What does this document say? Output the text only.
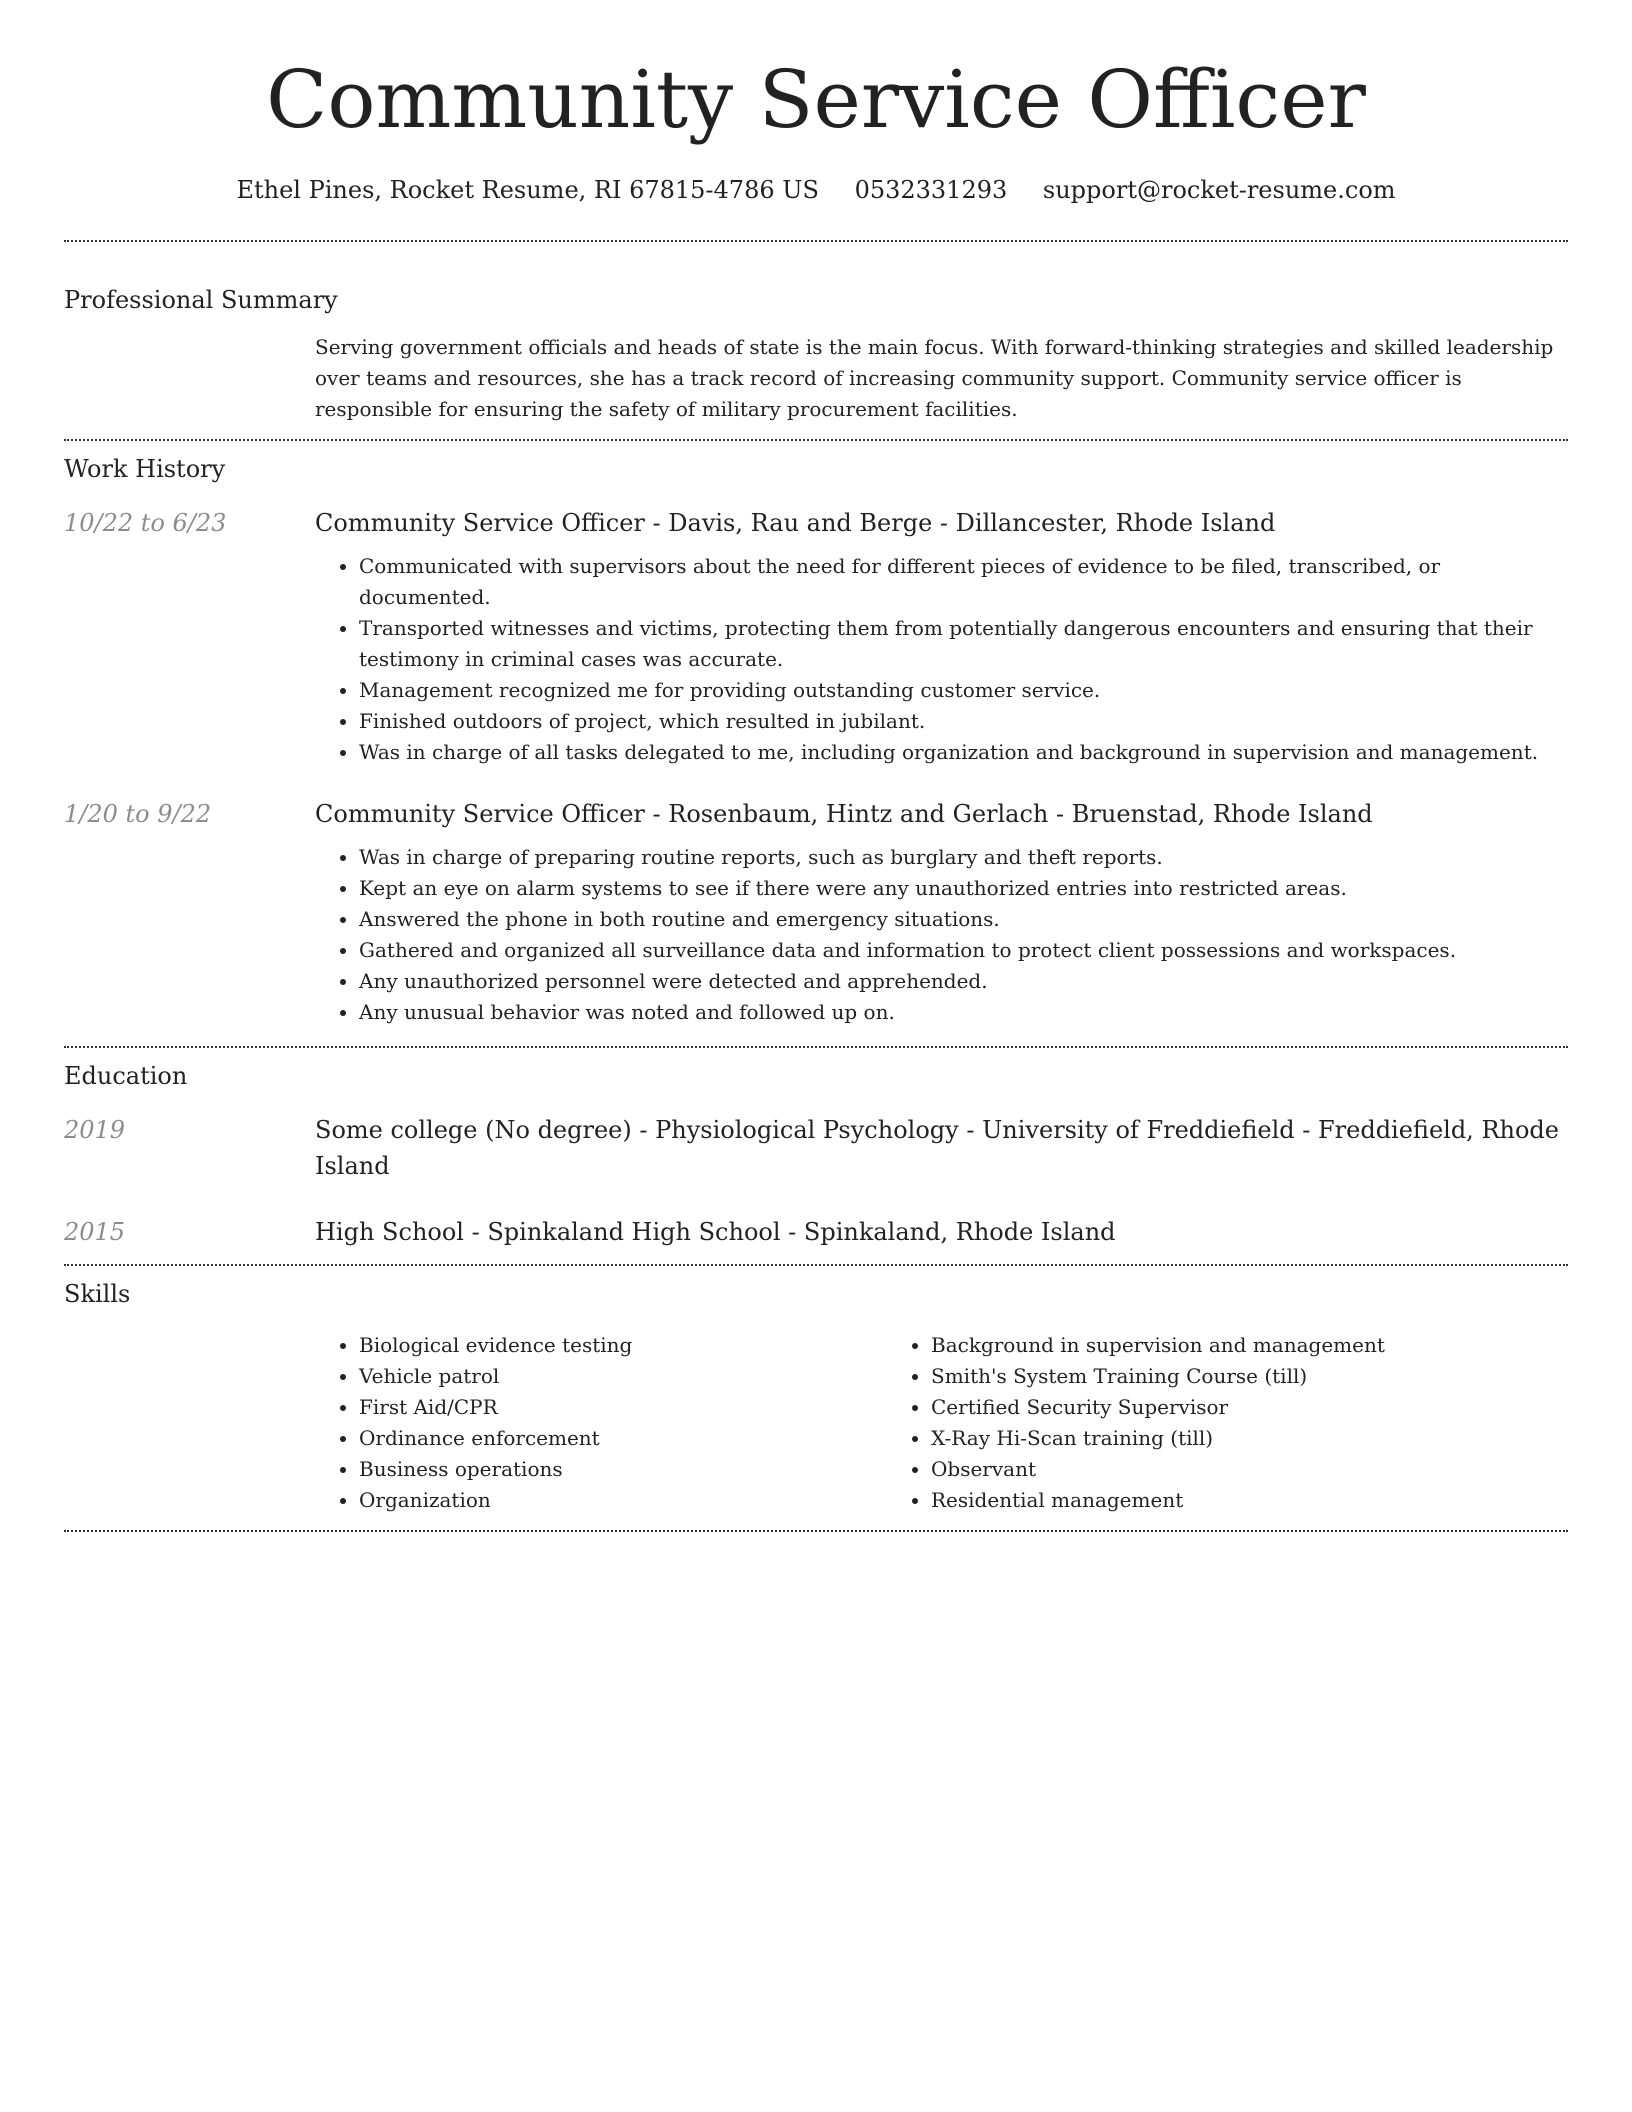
Community Service Officer
Ethel Pines, Rocket Resume, RI 67815-4786 US 0532331293 support@rocket-resume.com
Professional Summary
Serving government officials and heads of state is the main focus. With forward-thinking strategies and skilled leadership over teams and resources, she has a track record of increasing community support. Community service officer is responsible for ensuring the safety of military procurement facilities.
Work History
10/22 to 6/23	Community Service Officer - Davis, Rau and Berge - Dillancester, Rhode Island
• Communicated with supervisors about the need for different pieces of evidence to be filed, transcribed, or documented.
• Transported witnesses and victims, protecting them from potentially dangerous encounters and ensuring that their testimony in criminal cases was accurate.
• Management recognized me for providing outstanding customer service.
• Finished outdoors of project, which resulted in jubilant.
• Was in charge of all tasks delegated to me, including organization and background in supervision and management.
1/20 to 9/22	Community Service Officer - Rosenbaum, Hintz and Gerlach - Bruenstad, Rhode Island
• Was in charge of preparing routine reports, such as burglary and theft reports.
• Kept an eye on alarm systems to see if there were any unauthorized entries into restricted areas.
• Answered the phone in both routine and emergency situations.
• Gathered and organized all surveillance data and information to protect client possessions and workspaces.
• Any unauthorized personnel were detected and apprehended.
• Any unusual behavior was noted and followed up on.
Education
2019	Some college (No degree) - Physiological Psychology - University of Freddiefield - Freddiefield, Rhode Island
2015	High School - Spinkaland High School - Spinkaland, Rhode Island
Skills
• Biological evidence testing
• Vehicle patrol
• First Aid/CPR
• Ordinance enforcement
• Business operations
• Organization
• Background in supervision and management
• Smith's System Training Course (till)
• Certified Security Supervisor
• X-Ray Hi-Scan training (till)
• Observant
• Residential management
